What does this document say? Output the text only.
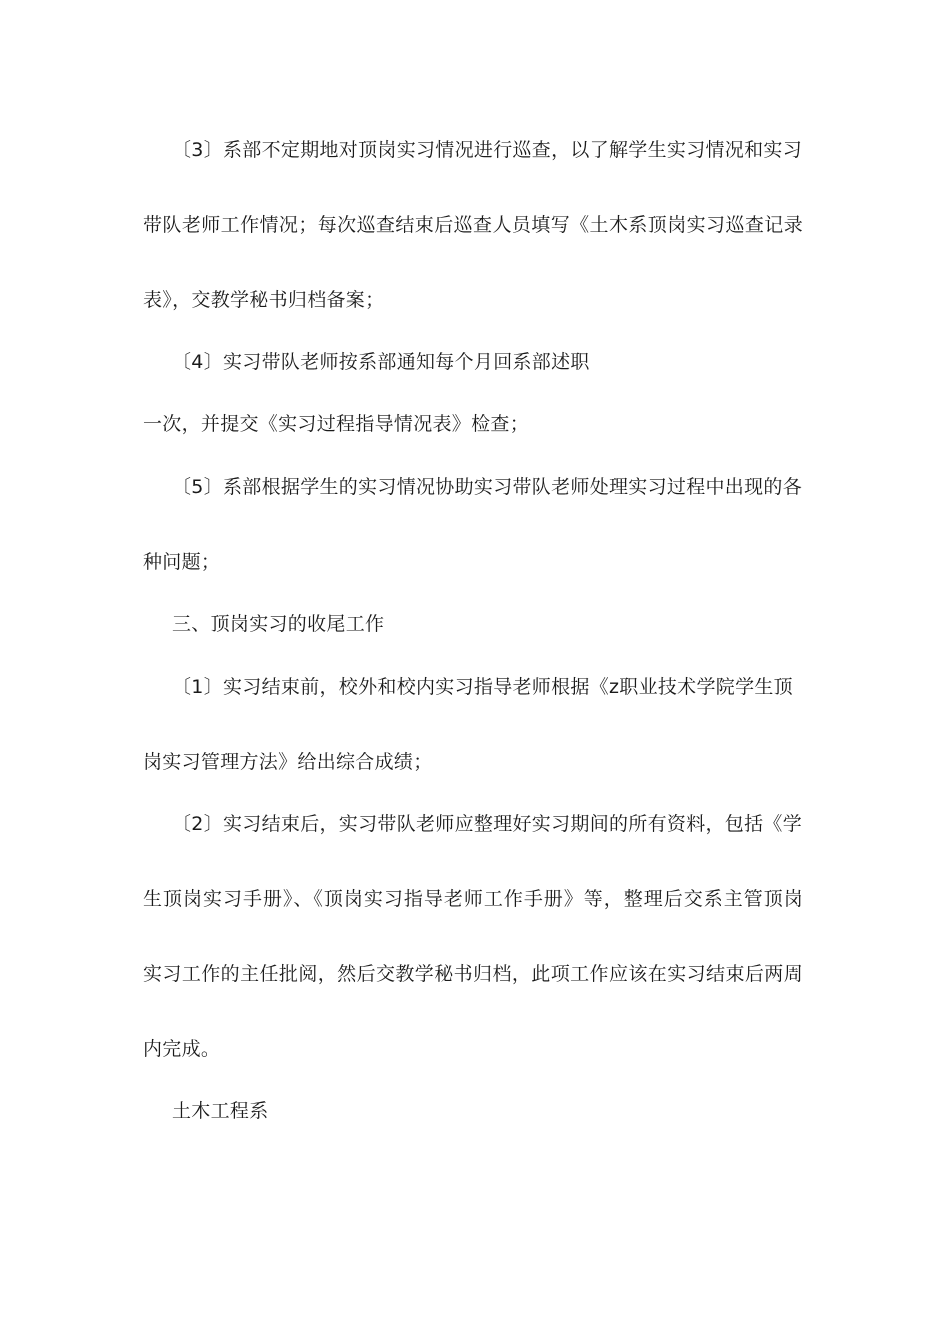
〔3〕系部不定期地对顶岗实习情况进行巡查，以了解学生实习情况和实习
带队老师工作情况；每次巡查结束后巡查人员填写《土木系顶岗实习巡查记录
表》，交教学秘书归档备案；
〔4〕实习带队老师按系部通知每个月回系部述职
一次，并提交《实习过程指导情况表》检查；
〔5〕系部根据学生的实习情况协助实习带队老师处理实习过程中出现的各
种问题；
三、顶岗实习的收尾工作
〔1〕实习结束前，校外和校内实习指导老师根据《z职业技术学院学生顶
岗实习管理方法》给出综合成绩；
〔2〕实习结束后，实习带队老师应整理好实习期间的所有资料，包括《学
生顶岗实习手册》、《顶岗实习指导老师工作手册》等，整理后交系主管顶岗
实习工作的主任批阅，然后交教学秘书归档，此项工作应该在实习结束后两周
内完成。
土木工程系
